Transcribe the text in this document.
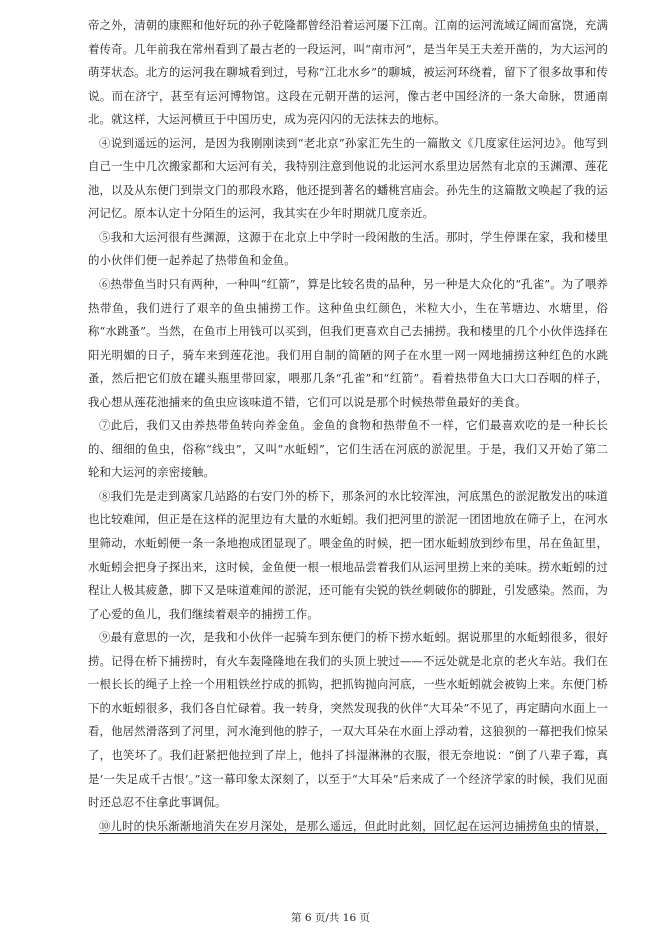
帝之外，清朝的康熙和他好玩的孙子乾隆都曾经沿着运河屡下江南。江南的运河流域辽阔而富饶，充满着传奇。几年前我在常州看到了最古老的一段运河，叫“南市河”，是当年吴王夫差开凿的，为大运河的萌芽状态。北方的运河我在聊城看到过，号称“江北水乡”的聊城，被运河环绕着，留下了很多故事和传说。而在济宁，甚至有运河博物馆。这段在元朝开凿的运河，像古老中国经济的一条大命脉，贯通南北。就这样，大运河横亘于中国历史，成为亮闪闪的无法抹去的地标。

④说到遥远的运河，是因为我刚刚读到“老北京”孙家汇先生的一篇散文《几度家住运河边》。他写到自己一生中几次搬家都和大运河有关，我特别注意到他说的北运河水系里边居然有北京的玉渊潭、莲花池，以及从东便门到崇文门的那段水路，他还提到著名的蟠桃宫庙会。孙先生的这篇散文唤起了我的运河记忆。原本认定十分陌生的运河，我其实在少年时期就几度亲近。

⑤我和大运河很有些渊源，这源于在北京上中学时一段闲散的生活。那时，学生停课在家，我和楼里的小伙伴们便一起养起了热带鱼和金鱼。

⑥热带鱼当时只有两种，一种叫“红箭”，算是比较名贵的品种，另一种是大众化的“孔雀”。为了喂养热带鱼，我们进行了艰辛的鱼虫捕捞工作。这种鱼虫红颜色，米粒大小，生在苇塘边、水塘里，俗称“水跳蚤”。当然，在鱼市上用钱可以买到，但我们更喜欢自己去捕捞。我和楼里的几个小伙伴选择在阳光明媚的日子，骑车来到莲花池。我们用自制的简陋的网子在水里一网一网地捕捞这种红色的水跳蚤，然后把它们放在罐头瓶里带回家，喂那几条“孔雀”和“红箭”。看着热带鱼大口大口吞咽的样子，我心想从莲花池捕来的鱼虫应该味道不错，它们可以说是那个时候热带鱼最好的美食。

⑦此后，我们又由养热带鱼转向养金鱼。金鱼的食物和热带鱼不一样，它们最喜欢吃的是一种长长的、细细的鱼虫，俗称“线虫”，又叫“水蚯蚓”，它们生活在河底的淤泥里。于是，我们又开始了第二轮和大运河的亲密接触。

⑧我们先是走到离家几站路的右安门外的桥下，那条河的水比较浑浊，河底黑色的淤泥散发出的味道也比较难闻，但正是在这样的泥里边有大量的水蚯蚓。我们把河里的淤泥一团团地放在筛子上，在河水里筛动，水蚯蚓便一条一条地抱成团显现了。喂金鱼的时候，把一团水蚯蚓放到纱布里，吊在鱼缸里，水蚯蚓会把身子探出来，这时候，金鱼便一根一根地品尝着我们从运河里捞上来的美味。捞水蚯蚓的过程让人极其疲惫，脚下又是味道难闻的淤泥，还可能有尖锐的铁丝刺破你的脚趾，引发感染。然而，为了心爱的鱼儿，我们继续着艰辛的捕捞工作。

⑨最有意思的一次，是我和小伙伴一起骑车到东便门的桥下捞水蚯蚓。据说那里的水蚯蚓很多，很好捞。记得在桥下捕捞时，有火车轰隆隆地在我们的头顶上驶过——不远处就是北京的老火车站。我们在一根长长的绳子上拴一个用粗铁丝拧成的抓钩，把抓钩抛向河底，一些水蚯蚓就会被钩上来。东便门桥下的水蚯蚓很多，我们各自忙碌着。我一转身，突然发现我的伙伴“大耳朵”不见了，再定睛向水面上一看，他居然滑落到了河里，河水淹到他的脖子，一双大耳朵在水面上浮动着，这狼狈的一幕把我们惊呆了，也笑坏了。我们赶紧把他拉到了岸上，他抖了抖湿淋淋的衣服，很无奈地说：“倒了八辈子霉，真是‘一失足成千古恨’。”这一幕印象太深刻了，以至于“大耳朵”后来成了一个经济学家的时候，我们见面时还总忍不住拿此事调侃。

⑩儿时的快乐渐渐地消失在岁月深处，是那么遥远，但此时此刻，回忆起在运河边捕捞鱼虫的情景，

第 6 页/共 16 页
